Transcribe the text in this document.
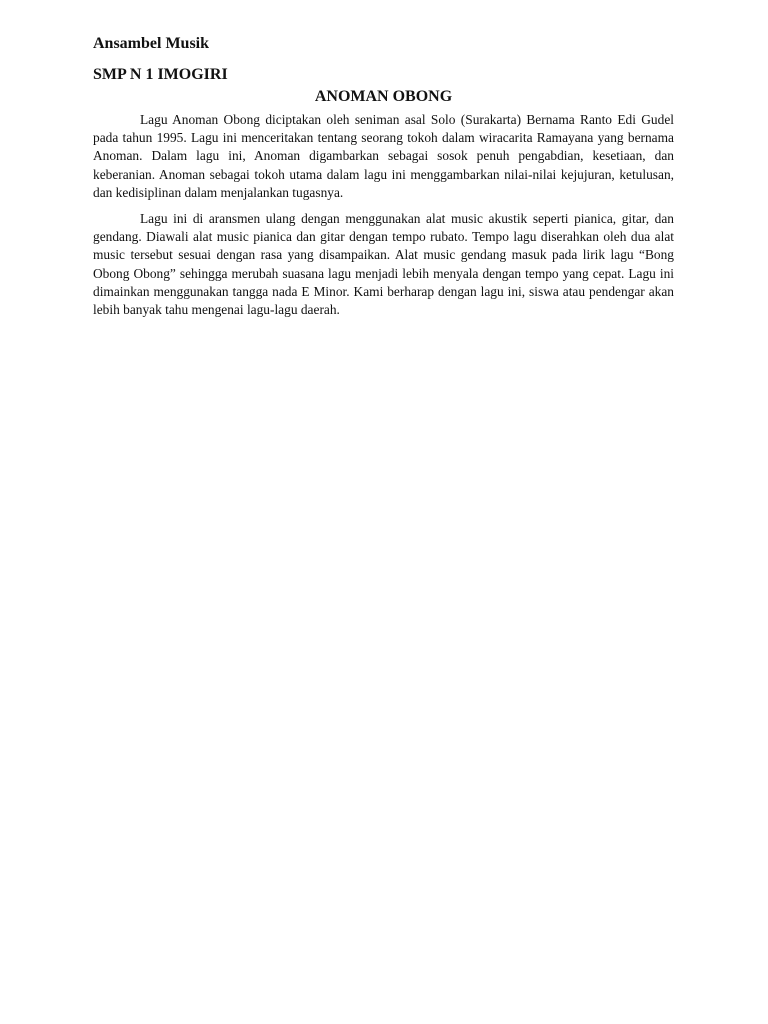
Ansambel Musik

SMP N 1 IMOGIRI

ANOMAN OBONG

Lagu Anoman Obong diciptakan oleh seniman asal Solo (Surakarta) Bernama Ranto Edi Gudel pada tahun 1995. Lagu ini menceritakan tentang seorang tokoh dalam wiracarita Ramayana yang bernama Anoman. Dalam lagu ini, Anoman digambarkan sebagai sosok penuh pengabdian, kesetiaan, dan keberanian. Anoman sebagai tokoh utama dalam lagu ini menggambarkan nilai-nilai kejujuran, ketulusan, dan kedisiplinan dalam menjalankan tugasnya.

Lagu ini di aransmen ulang dengan menggunakan alat music akustik seperti pianica, gitar, dan gendang. Diawali alat music pianica dan gitar dengan tempo rubato. Tempo lagu diserahkan oleh dua alat music tersebut sesuai dengan rasa yang disampaikan. Alat music gendang masuk pada lirik lagu “Bong Obong Obong” sehingga merubah suasana lagu menjadi lebih menyala dengan tempo yang cepat. Lagu ini dimainkan menggunakan tangga nada E Minor. Kami berharap dengan lagu ini, siswa atau pendengar akan lebih banyak tahu mengenai lagu-lagu daerah.
